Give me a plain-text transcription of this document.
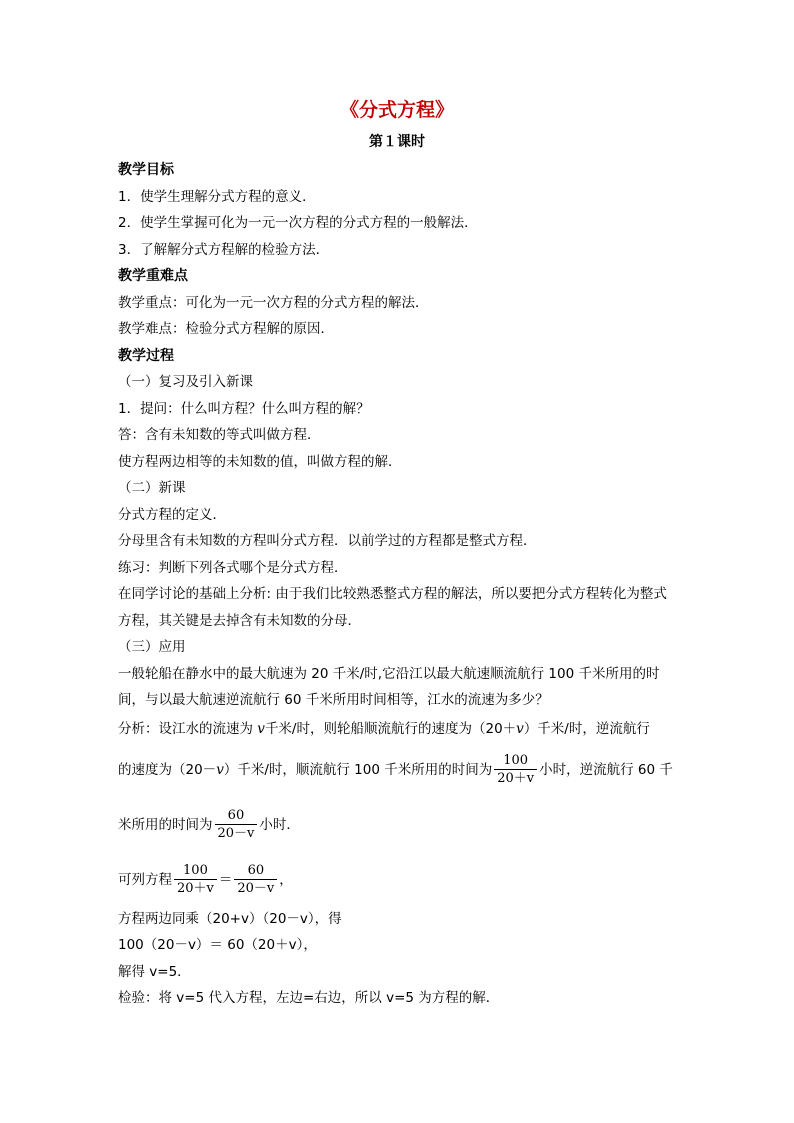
《分式方程》
第１课时

教学目标

1．使学生理解分式方程的意义．

2．使学生掌握可化为一元一次方程的分式方程的一般解法．

3．了解解分式方程解的检验方法．

教学重难点

教学重点：可化为一元一次方程的分式方程的解法．

教学难点：检验分式方程解的原因．

教学过程

（一）复习及引入新课

1．提问：什么叫方程？什么叫方程的解？

答：含有未知数的等式叫做方程．

使方程两边相等的未知数的值，叫做方程的解．

（二）新课

分式方程的定义．

分母里含有未知数的方程叫分式方程．以前学过的方程都是整式方程．

练习：判断下列各式哪个是分式方程．

在同学讨论的基础上分析: 由于我们比较熟悉整式方程的解法，所以要把分式方程转化为整式方程，其关键是去掉含有未知数的分母．

（三）应用

一般轮船在静水中的最大航速为 20 千米/时,它沿江以最大航速顺流航行 100 千米所用的时间，与以最大航速逆流航行 60 千米所用时间相等，江水的流速为多少？

分析：设江水的流速为 v千米/时，则轮船顺流航行的速度为（20＋v）千米/时，逆流航行

的速度为（20－v）千米/时，顺流航行 100 千米所用的时间为 $\frac{100}{20+v}$ 小时，逆流航行 60 千

米所用的时间为 $\frac{60}{20-v}$ 小时．

可列方程 $\frac{100}{20+v} = \frac{60}{20-v}$ ，

方程两边同乘（20+v）（20－v），得

100（20－v）＝ 60（20＋v），

解得 v=5．

检验：将 v=5 代入方程，左边=右边，所以 v=5 为方程的解．
